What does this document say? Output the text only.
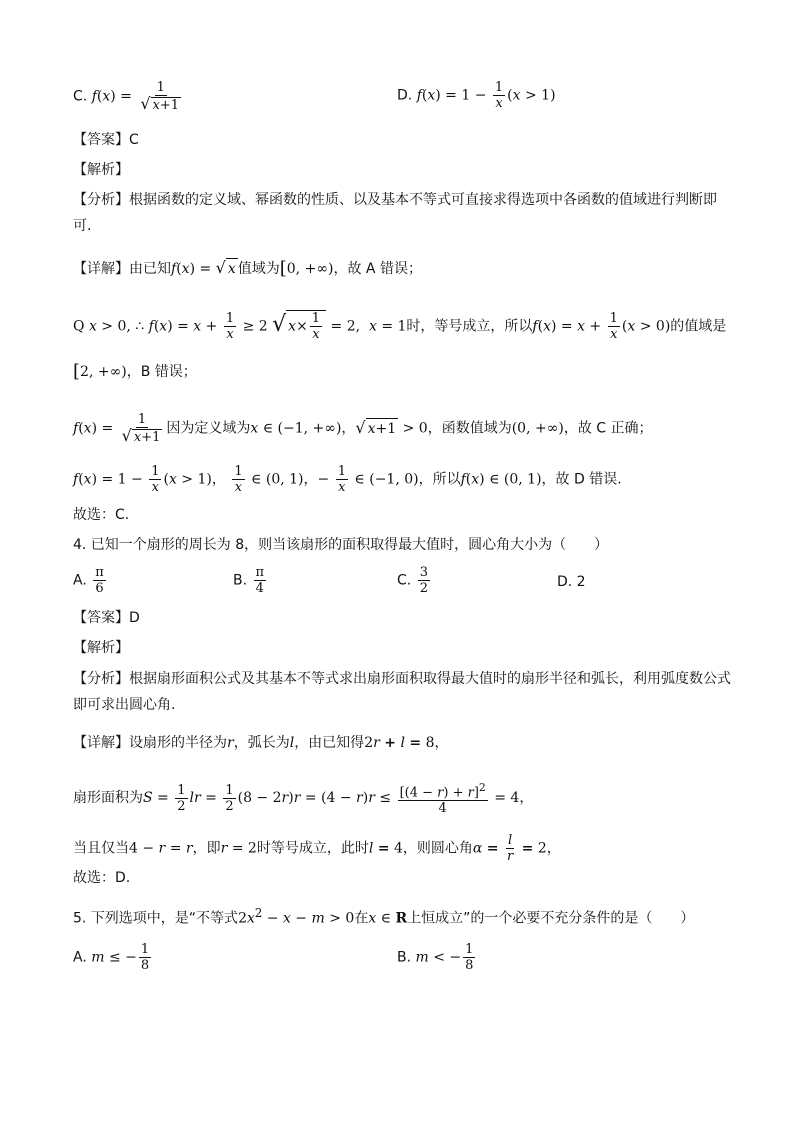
C. $f(x) = \frac{1}{√ x+1}$	D. $f(x) = 1 - \frac{1}{x} (x > 1)$
【答案】C
【解析】
【分析】根据函数的定义域、幂函数的性质、以及基本不等式可直接求得选项中各函数的值域进行判断即可.
【详解】由已知f(x) = √ x 值域为[0, +∞)，故 A 错误；
Q x > 0, ∴ $f(x) = x + \frac{1}{x} \ge 2$ √ $x\times \frac{1}{x} = 2$,  x = 1时，等号成立，所以$f(x) = x + \frac{1}{x} (x > 0)$的值域是
[2, +∞)，B 错误；
$f(x) = \frac{1}{√ x+1}$ 因为定义域为x ∈ (−1, +∞)，√ x+1 > 0，函数值域为(0, +∞)，故 C 正确；
$f(x) = 1 - \frac{1}{x} (x > 1)$， $\frac{1}{x}$ ∈ (0, 1)，− $\frac{1}{x}$ ∈ (−1, 0)，所以f(x) ∈ (0, 1)，故 D 错误.
故选：C.
4. 已知一个扇形的周长为 8，则当该扇形的面积取得最大值时，圆心角大小为（　　）
A. $\frac{\pi}{6}$	B. $\frac{\pi}{4}$	C. $\frac{3}{2}$	D. 2
【答案】D
【解析】
【分析】根据扇形面积公式及其基本不等式求出扇形面积取得最大值时的扇形半径和弧长，利用弧度数公式即可求出圆心角.
【详解】设扇形的半径为r，弧长为l，由已知得2r + l = 8，
扇形面积为$S = \frac{1}{2}$ lr = $\frac{1}{2} (8 - 2r)r = (4 - r)r \le \frac{[(4 - r) + r]^2}{4} = 4$，
当且仅当4 − r = r，即r = 2时等号成立，此时l = 4，则圆心角$\alpha = \frac{l}{r} = 2$，
故选：D.
5. 下列选项中，是“不等式$2x^2 - x - m > 0$在x ∈ R上恒成立”的一个必要不充分条件的是（　　）
A. m ≤ − $\frac{1}{8}$	B. m < − $\frac{1}{8}$
